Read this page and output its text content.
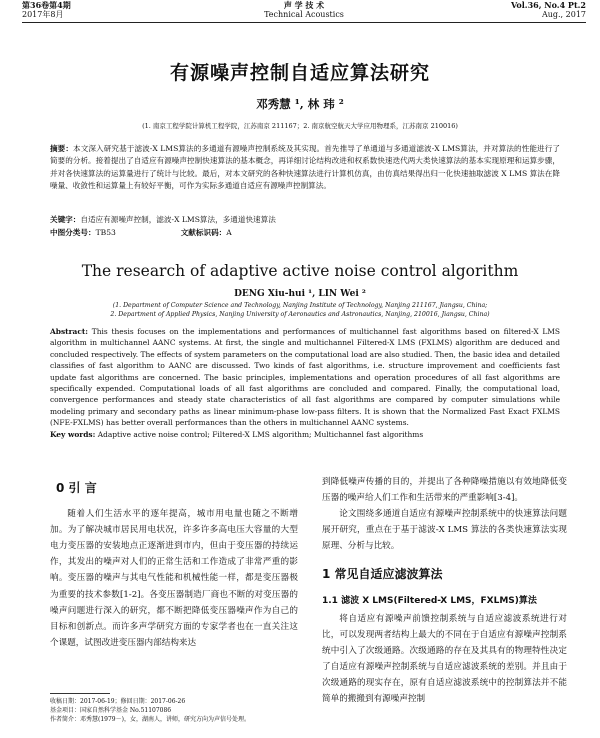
第36卷第4期
2017年8月
声 学 技 术
Technical Acoustics
Vol.36, No.4 Pt.2
Aug., 2017
有源噪声控制自适应算法研究
邓秀慧 ¹, 林 玮 ²
(1. 南京工程学院计算机工程学院，江苏南京 211167；2. 南京航空航天大学应用物理系，江苏南京 210016)
摘要：本文深入研究基于滤波-X LMS算法的多通道有源噪声控制系统及其实现。首先推导了单通道与多通道滤波-X LMS算法，并对算法的性能进行了简要的分析。接着提出了自适应有源噪声控制快速算法的基本概念，再详细讨论结构改进和权系数快速迭代两大类快速算法的基本实现原理和运算步骤，并对各快速算法的运算量进行了统计与比较。最后，对本文研究的各种快速算法进行计算机仿真，由仿真结果得出归一化快速抽取滤波 X LMS 算法在降噪量、收敛性和运算量上有较好平衡，可作为实际多通道自适应有源噪声控制算法。
关键字：自适应有源噪声控制，滤波-X LMS算法，多通道快速算法
中图分类号：TB53	文献标识码：A
The research of adaptive active noise control algorithm
DENG Xiu-hui ¹, LIN Wei ²
(1. Department of Computer Science and Technology, Nanjing Institute of Technology, Nanjing 211167, Jiangsu, China;
2. Department of Applied Physics, Nanjing University of Aeronautics and Astronautics, Nanjing, 210016, Jiangsu, China)
Abstract: This thesis focuses on the implementations and performances of multichannel fast algorithms based on filtered-X LMS algorithm in multichannel AANC systems. At first, the single and multichannel Filtered-X LMS (FXLMS) algorithm are deduced and concluded respectively. The effects of system parameters on the computational load are also studied. Then, the basic idea and detailed classifies of fast algorithm to AANC are discussed. Two kinds of fast algorithms, i.e. structure improvement and coefficients fast update fast algorithms are concerned. The basic principles, implementations and operation procedures of all fast algorithms are specifically expended. Computational loads of all fast algorithms are concluded and compared. Finally, the computational load, convergence performances and steady state characteristics of all fast algorithms are compared by computer simulations while modeling primary and secondary paths as linear minimum-phase low-pass filters. It is shown that the Normalized Fast Exact FXLMS (NFE-FXLMS) has better overall performances than the others in multichannel AANC systems.
Key words: Adaptive active noise control; Filtered-X LMS algorithm; Multichannel fast algorithms
0 引 言
随着人们生活水平的逐年提高，城市用电量也随之不断增加。为了解决城市居民用电状况，许多许多高电压大容量的大型电力变压器的安装地点正逐渐进到市内，但由于变压器的持续运作，其发出的噪声对人们的正常生活和工作造成了非常严重的影响。变压器的噪声与其电气性能和机械性能一样，都是变压器极为重要的技术参数[1-2]。各变压器制造厂商也不断的对变压器的噪声问题进行深入的研究，都不断把降低变压器噪声作为自己的目标和创新点。而许多声学研究方面的专家学者也在一直关注这个课题，试图改进变压器内部结构来达
到降低噪声传播的目的，并提出了各种降噪措施以有效地降低变压器的噪声给人们工作和生活带来的严重影响[3-4]。
论文围绕多通道自适应有源噪声控制系统中的快速算法问题展开研究，重点在于基于滤波-X LMS 算法的各类快速算法实现原理、分析与比较。
1 常见自适应滤波算法
1.1 滤波 X LMS(Filtered-X LMS，FXLMS)算法
将自适应有源噪声前馈控制系统与自适应滤波系统进行对比，可以发现两者结构上最大的不同在于自适应有源噪声控制系统中引入了次级通路。次级通路的存在及其具有的物理特性决定了自适应有源噪声控制系统与自适应滤波系统的差别。并且由于次级通路的现实存在，原有自适应滤波系统中的控制算法并不能简单的搬搬到有源噪声控制
收稿日期：2017-06-19；修回日期：2017-06-26
基金项目：国家自然科学基金 No.51107086
作者简介：邓秀慧(1979－)，女，湖南人，讲师，研究方向为声信号处理。
